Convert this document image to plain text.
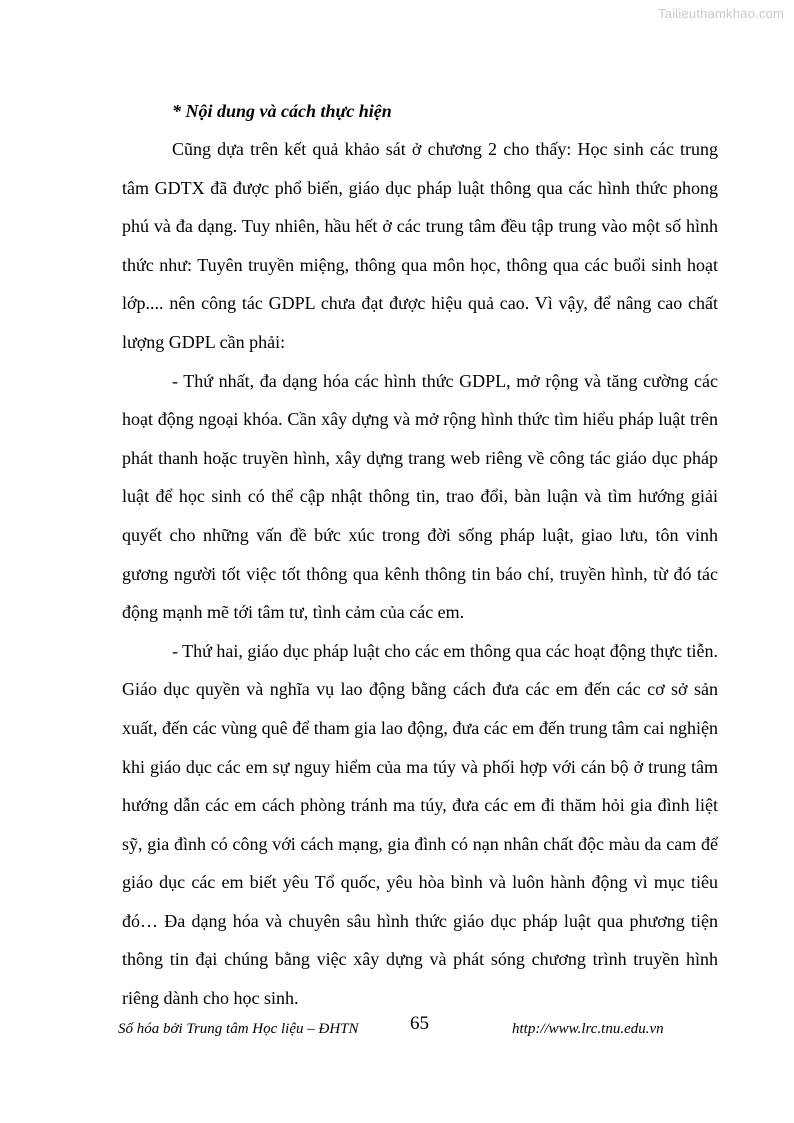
Tailieuthamkhao.com

* Nội dung và cách thực hiện

Cũng dựa trên kết quả khảo sát ở chương 2 cho thấy: Học sinh các trung tâm GDTX đã được phổ biến, giáo dục pháp luật thông qua các hình thức phong phú và đa dạng. Tuy nhiên, hầu hết ở các trung tâm đều tập trung vào một số hình thức như: Tuyên truyền miệng, thông qua môn học, thông qua các buổi sinh hoạt lớp.... nên công tác GDPL chưa đạt được hiệu quả cao. Vì vậy, để nâng cao chất lượng GDPL cần phải:

- Thứ nhất, đa dạng hóa các hình thức GDPL, mở rộng và tăng cường các hoạt động ngoại khóa. Cần xây dựng và mở rộng hình thức tìm hiểu pháp luật trên phát thanh hoặc truyền hình, xây dựng trang web riêng về công tác giáo dục pháp luật để học sinh có thể cập nhật thông tin, trao đổi, bàn luận và tìm hướng giải quyết cho những vấn đề bức xúc trong đời sống pháp luật, giao lưu, tôn vinh gương người tốt việc tốt thông qua kênh thông tin báo chí, truyền hình, từ đó tác động mạnh mẽ tới tâm tư, tình cảm của các em.

- Thứ hai, giáo dục pháp luật cho các em thông qua các hoạt động thực tiễn. Giáo dục quyền và nghĩa vụ lao động bằng cách đưa các em đến các cơ sở sản xuất, đến các vùng quê để tham gia lao động, đưa các em đến trung tâm cai nghiện khi giáo dục các em sự nguy hiểm của ma túy và phối hợp với cán bộ ở trung tâm hướng dẫn các em cách phòng tránh ma túy, đưa các em đi thăm hỏi gia đình liệt sỹ, gia đình có công với cách mạng, gia đình có nạn nhân chất độc màu da cam để giáo dục các em biết yêu Tổ quốc, yêu hòa bình và luôn hành động vì mục tiêu đó… Đa dạng hóa và chuyên sâu hình thức giáo dục pháp luật qua phương tiện thông tin đại chúng bằng việc xây dựng và phát sóng chương trình truyền hình riêng dành cho học sinh.

Số hóa bởi Trung tâm Học liệu – ĐHTN	65	http://www.lrc.tnu.edu.vn
